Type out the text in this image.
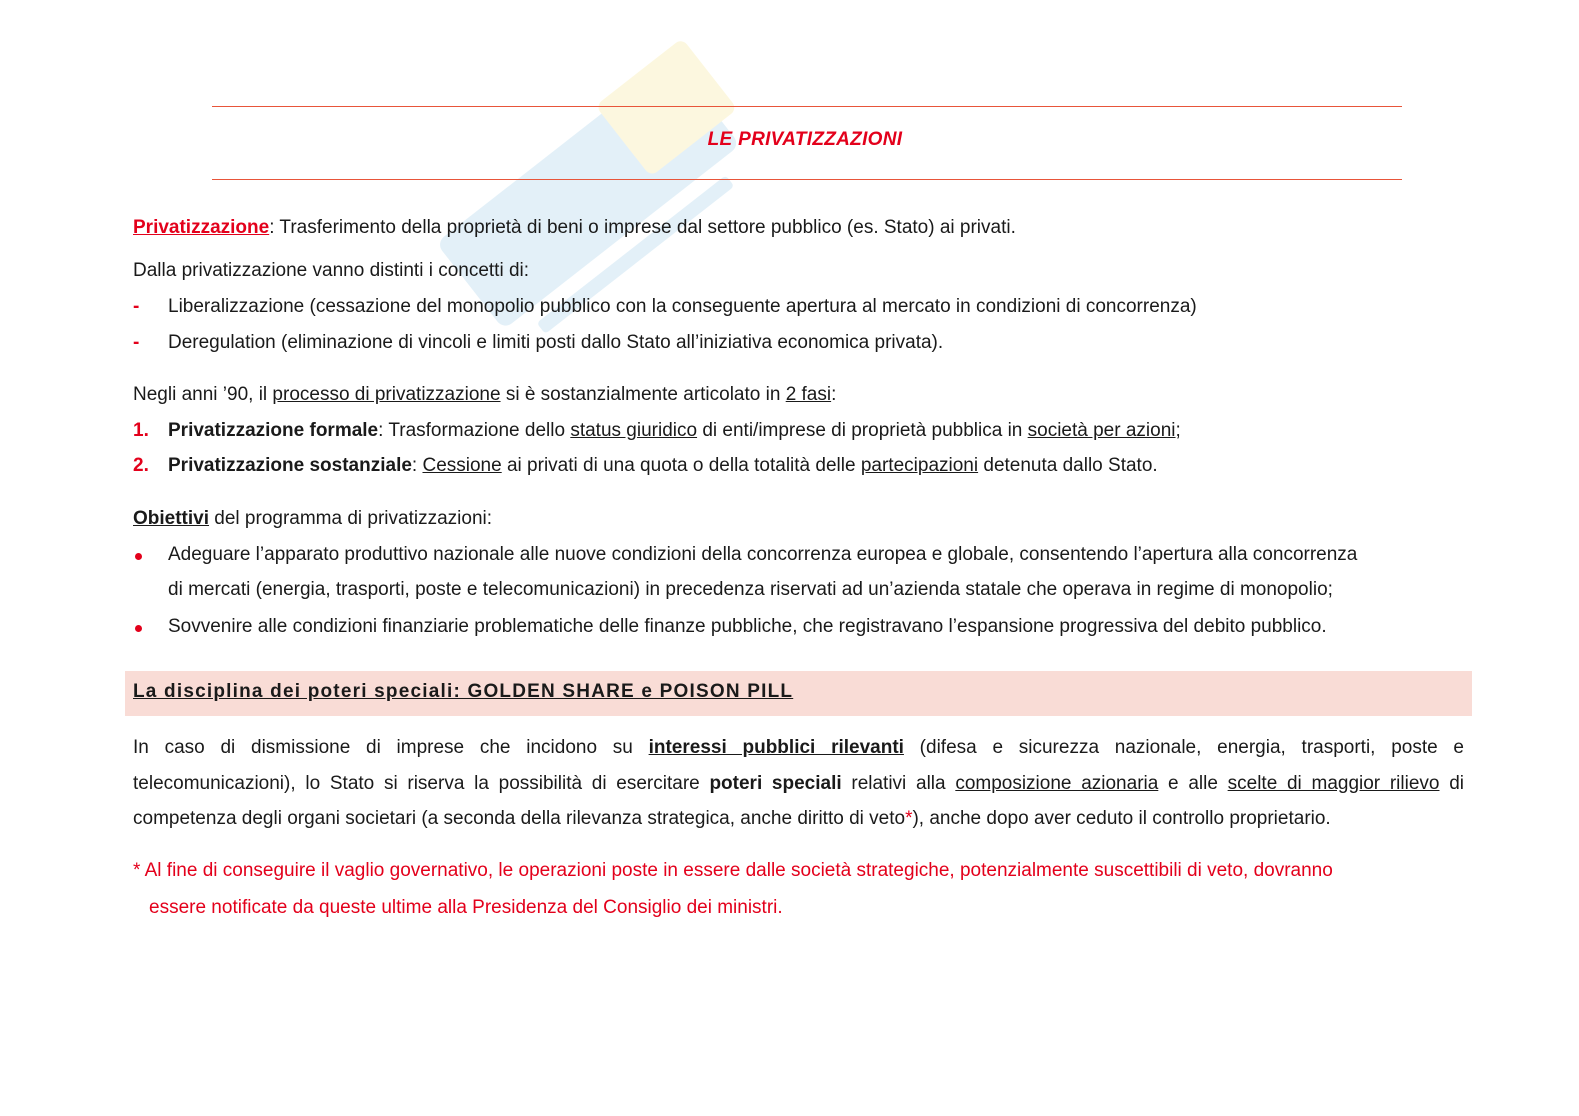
LE PRIVATIZZAZIONI
Privatizzazione: Trasferimento della proprietà di beni o imprese dal settore pubblico (es. Stato) ai privati.
Dalla privatizzazione vanno distinti i concetti di:
- Liberalizzazione (cessazione del monopolio pubblico con la conseguente apertura al mercato in condizioni di concorrenza)
- Deregulation (eliminazione di vincoli e limiti posti dallo Stato all’iniziativa economica privata).
Negli anni ’90, il processo di privatizzazione si è sostanzialmente articolato in 2 fasi:
1. Privatizzazione formale: Trasformazione dello status giuridico di enti/imprese di proprietà pubblica in società per azioni;
2. Privatizzazione sostanziale: Cessione ai privati di una quota o della totalità delle partecipazioni detenuta dallo Stato.
Obiettivi del programma di privatizzazioni:
Adeguare l’apparato produttivo nazionale alle nuove condizioni della concorrenza europea e globale, consentendo l’apertura alla concorrenza
di mercati (energia, trasporti, poste e telecomunicazioni) in precedenza riservati ad un’azienda statale che operava in regime di monopolio;
Sovvenire alle condizioni finanziarie problematiche delle finanze pubbliche, che registravano l’espansione progressiva del debito pubblico.
La disciplina dei poteri speciali: GOLDEN SHARE e POISON PILL
In caso di dismissione di imprese che incidono su interessi pubblici rilevanti (difesa e sicurezza nazionale, energia, trasporti, poste e
telecomunicazioni), lo Stato si riserva la possibilità di esercitare poteri speciali relativi alla composizione azionaria e alle scelte di maggior rilievo di
competenza degli organi societari (a seconda della rilevanza strategica, anche diritto di veto*), anche dopo aver ceduto il controllo proprietario.
* Al fine di conseguire il vaglio governativo, le operazioni poste in essere dalle società strategiche, potenzialmente suscettibili di veto, dovranno
essere notificate da queste ultime alla Presidenza del Consiglio dei ministri.
